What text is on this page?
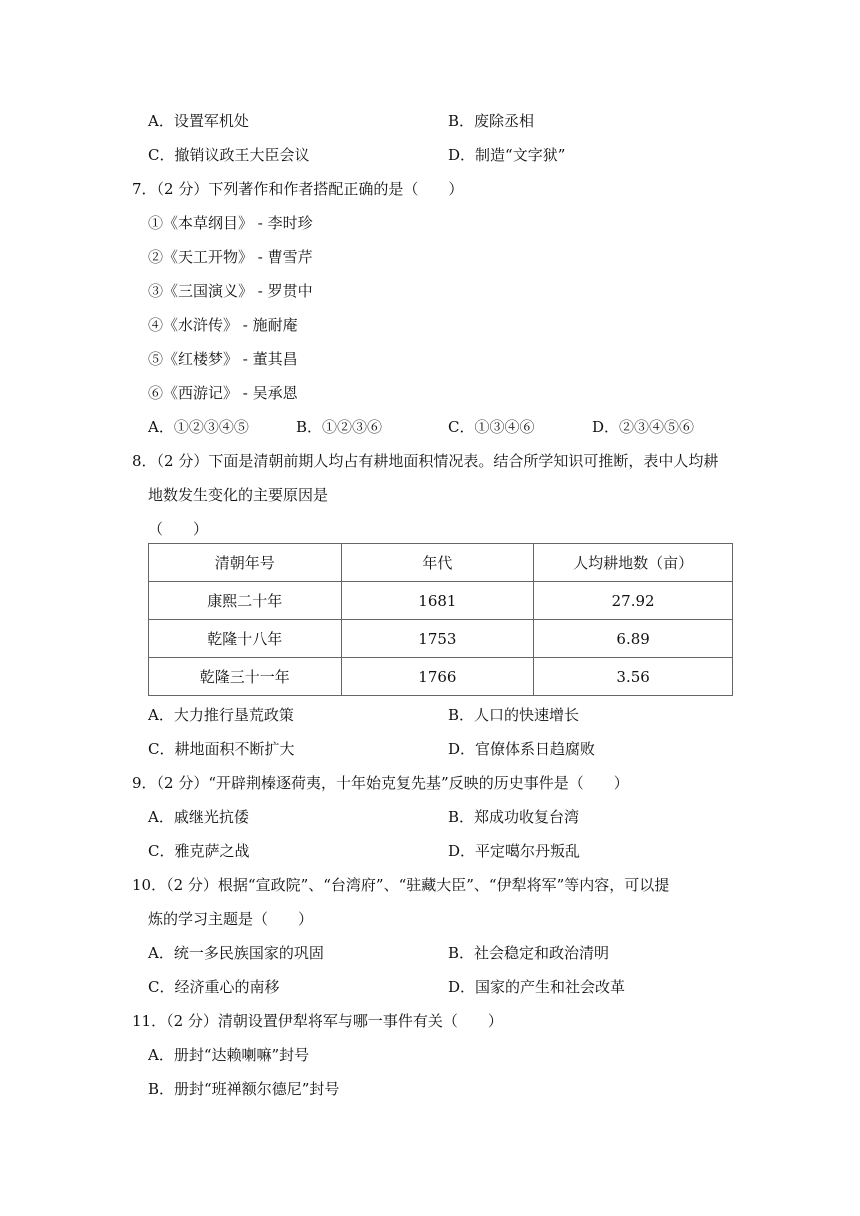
A．设置军机处	B．废除丞相
C．撤销议政王大臣会议	D．制造“文字狱”
7．（2 分）下列著作和作者搭配正确的是（　　）
①《本草纲目》 - 李时珍
②《天工开物》 - 曹雪芹
③《三国演义》 - 罗贯中
④《水浒传》 - 施耐庵
⑤《红楼梦》 - 董其昌
⑥《西游记》 - 吴承恩
A．①②③④⑤	B．①②③⑥	C．①③④⑥	D．②③④⑤⑥
8．（2 分）下面是清朝前期人均占有耕地面积情况表。结合所学知识可推断，表中人均耕
地数发生变化的主要原因是
（　　）
清朝年号	年代	人均耕地数（亩）
康熙二十年	1681	27.92
乾隆十八年	1753	6.89
乾隆三十一年	1766	3.56
A．大力推行垦荒政策	B．人口的快速增长
C．耕地面积不断扩大	D．官僚体系日趋腐败
9．（2 分）“开辟荆榛逐荷夷，十年始克复先基”反映的历史事件是（　　）
A．戚继光抗倭	B．郑成功收复台湾
C．雅克萨之战	D．平定噶尔丹叛乱
10．（2 分）根据“宣政院”、“台湾府”、“驻藏大臣”、“伊犁将军”等内容，可以提
炼的学习主题是（　　）
A．统一多民族国家的巩固	B．社会稳定和政治清明
C．经济重心的南移	D．国家的产生和社会改革
11．（2 分）清朝设置伊犁将军与哪一事件有关（　　）
A．册封“达赖喇嘛”封号
B．册封“班禅额尔德尼”封号
